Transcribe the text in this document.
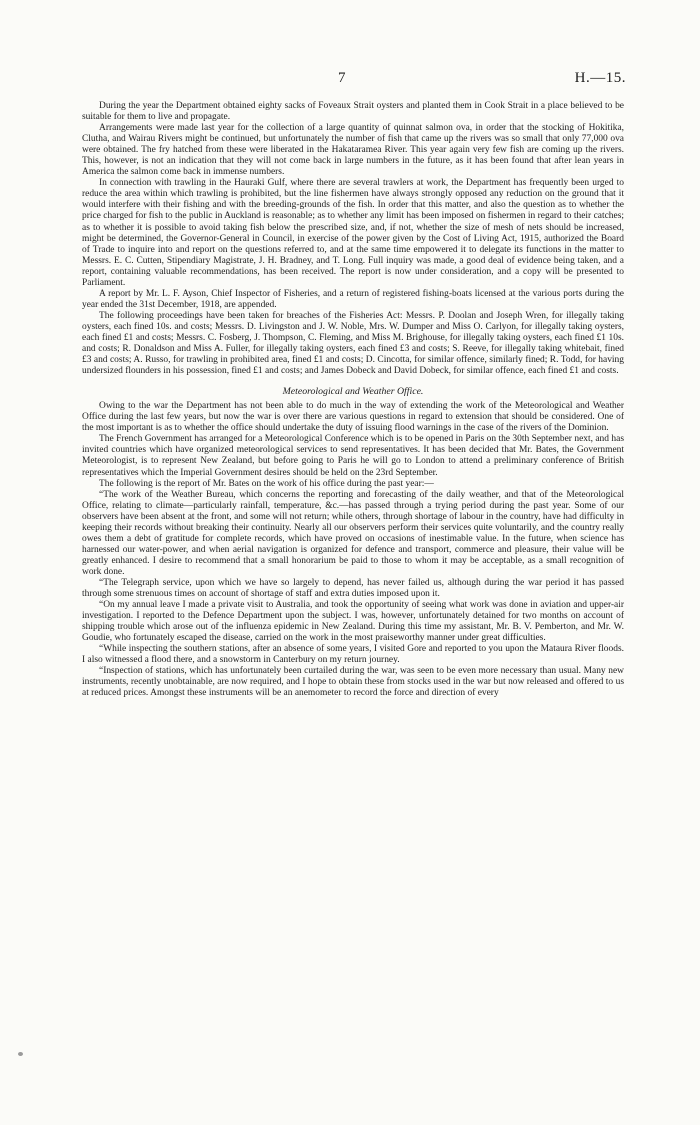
7	H.—15.

During the year the Department obtained eighty sacks of Foveaux Strait oysters and planted them in Cook Strait in a place believed to be suitable for them to live and propagate.

Arrangements were made last year for the collection of a large quantity of quinnat salmon ova, in order that the stocking of Hokitika, Clutha, and Wairau Rivers might be continued, but unfortunately the number of fish that came up the rivers was so small that only 77,000 ova were obtained. The fry hatched from these were liberated in the Hakataramea River. This year again very few fish are coming up the rivers. This, however, is not an indication that they will not come back in large numbers in the future, as it has been found that after lean years in America the salmon come back in immense numbers.

In connection with trawling in the Hauraki Gulf, where there are several trawlers at work, the Department has frequently been urged to reduce the area within which trawling is prohibited, but the line fishermen have always strongly opposed any reduction on the ground that it would interfere with their fishing and with the breeding-grounds of the fish. In order that this matter, and also the question as to whether the price charged for fish to the public in Auckland is reasonable; as to whether any limit has been imposed on fishermen in regard to their catches; as to whether it is possible to avoid taking fish below the prescribed size, and, if not, whether the size of mesh of nets should be increased, might be determined, the Governor-General in Council, in exercise of the power given by the Cost of Living Act, 1915, authorized the Board of Trade to inquire into and report on the questions referred to, and at the same time empowered it to delegate its functions in the matter to Messrs. E. C. Cutten, Stipendiary Magistrate, J. H. Bradney, and T. Long. Full inquiry was made, a good deal of evidence being taken, and a report, containing valuable recommendations, has been received. The report is now under consideration, and a copy will be presented to Parliament.

A report by Mr. L. F. Ayson, Chief Inspector of Fisheries, and a return of registered fishing-boats licensed at the various ports during the year ended the 31st December, 1918, are appended.

The following proceedings have been taken for breaches of the Fisheries Act: Messrs. P. Doolan and Joseph Wren, for illegally taking oysters, each fined 10s. and costs; Messrs. D. Livingston and J. W. Noble, Mrs. W. Dumper and Miss O. Carlyon, for illegally taking oysters, each fined £1 and costs; Messrs. C. Fosberg, J. Thompson, C. Fleming, and Miss M. Brighouse, for illegally taking oysters, each fined £1 10s. and costs; R. Donaldson and Miss A. Fuller, for illegally taking oysters, each fined £3 and costs; S. Reeve, for illegally taking whitebait, fined £3 and costs; A. Russo, for trawling in prohibited area, fined £1 and costs; D. Cincotta, for similar offence, similarly fined; R. Todd, for having undersized flounders in his possession, fined £1 and costs; and James Dobeck and David Dobeck, for similar offence, each fined £1 and costs.

Meteorological and Weather Office.

Owing to the war the Department has not been able to do much in the way of extending the work of the Meteorological and Weather Office during the last few years, but now the war is over there are various questions in regard to extension that should be considered. One of the most important is as to whether the office should undertake the duty of issuing flood warnings in the case of the rivers of the Dominion.

The French Government has arranged for a Meteorological Conference which is to be opened in Paris on the 30th September next, and has invited countries which have organized meteorological services to send representatives. It has been decided that Mr. Bates, the Government Meteorologist, is to represent New Zealand, but before going to Paris he will go to London to attend a preliminary conference of British representatives which the Imperial Government desires should be held on the 23rd September.

The following is the report of Mr. Bates on the work of his office during the past year:—

“The work of the Weather Bureau, which concerns the reporting and forecasting of the daily weather, and that of the Meteorological Office, relating to climate—particularly rainfall, temperature, &c.—has passed through a trying period during the past year. Some of our observers have been absent at the front, and some will not return; while others, through shortage of labour in the country, have had difficulty in keeping their records without breaking their continuity. Nearly all our observers perform their services quite voluntarily, and the country really owes them a debt of gratitude for complete records, which have proved on occasions of inestimable value. In the future, when science has harnessed our water-power, and when aerial navigation is organized for defence and transport, commerce and pleasure, their value will be greatly enhanced. I desire to recommend that a small honorarium be paid to those to whom it may be acceptable, as a small recognition of work done.

“The Telegraph service, upon which we have so largely to depend, has never failed us, although during the war period it has passed through some strenuous times on account of shortage of staff and extra duties imposed upon it.

“On my annual leave I made a private visit to Australia, and took the opportunity of seeing what work was done in aviation and upper-air investigation. I reported to the Defence Department upon the subject. I was, however, unfortunately detained for two months on account of shipping trouble which arose out of the influenza epidemic in New Zealand. During this time my assistant, Mr. B. V. Pemberton, and Mr. W. Goudie, who fortunately escaped the disease, carried on the work in the most praiseworthy manner under great difficulties.

“While inspecting the southern stations, after an absence of some years, I visited Gore and reported to you upon the Mataura River floods. I also witnessed a flood there, and a snowstorm in Canterbury on my return journey.

“Inspection of stations, which has unfortunately been curtailed during the war, was seen to be even more necessary than usual. Many new instruments, recently unobtainable, are now required, and I hope to obtain these from stocks used in the war but now released and offered to us at reduced prices. Amongst these instruments will be an anemometer to record the force and direction of every
